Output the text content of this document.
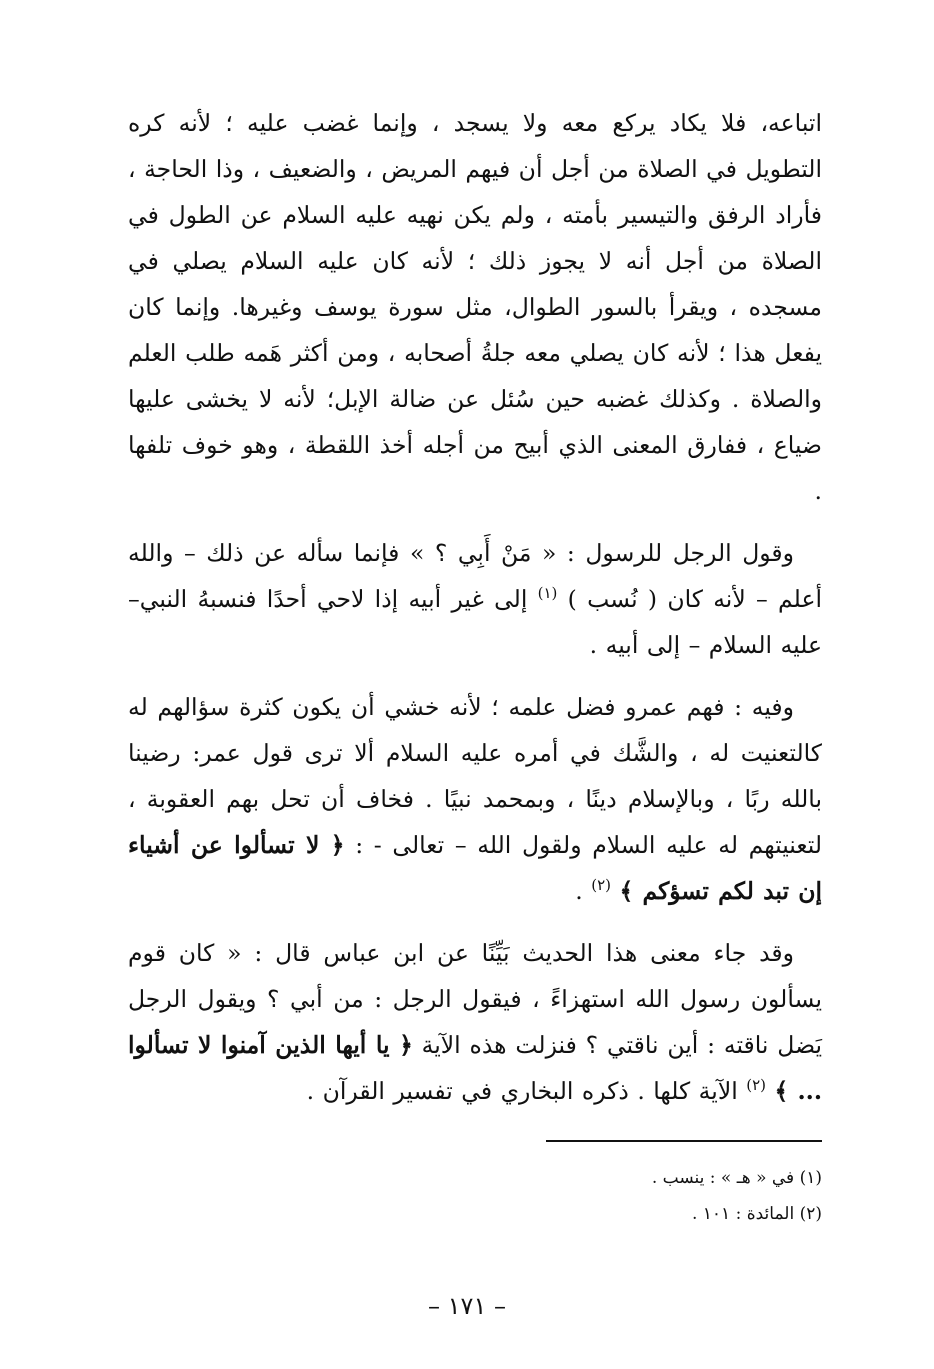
اتباعه، فلا يكاد يركع معه ولا يسجد ، وإنما غضب عليه ؛ لأنه كره التطويل في الصلاة من أجل أن فيهم المريض ، والضعيف ، وذا الحاجة ، فأراد الرفق والتيسير بأمته ، ولم يكن نهيه عليه السلام عن الطول في الصلاة من أجل أنه لا يجوز ذلك ؛ لأنه كان عليه السلام يصلي في مسجده ، ويقرأ بالسور الطوال، مثل سورة يوسف وغيرها. وإنما كان يفعل هذا ؛ لأنه كان يصلي معه جلةُ أصحابه ، ومن أكثر هَمه طلب العلم والصلاة . وكذلك غضبه حين سُئل عن ضالة الإبل؛ لأنه لا يخشى عليها ضياع ، ففارق المعنى الذي أبيح من أجله أخذ اللقطة ، وهو خوف تلفها .

وقول الرجل للرسول : « مَنْ أَبِي ؟ » فإنما سأله عن ذلك – والله أعلم – لأنه كان ( نُسب ) $^{(١)}$ إلى غير أبيه إذا لاحي أحدًا فنسبهُ النبي– عليه السلام – إلى أبيه .

وفيه : فهم عمرو فضل علمه ؛ لأنه خشي أن يكون كثرة سؤالهم له كالتعنيت له ، والشَّك في أمره عليه السلام ألا ترى قول عمر: رضينا بالله ربًا ، وبالإسلام دينًا ، وبمحمد نبيًا . فخاف أن تحل بهم العقوبة ، لتعنيتهم له عليه السلام ولقول الله – تعالى - : ﴿ لا تسألوا عن أشياء إن تبد لكم تسؤكم ﴾ $^{(٢)}$ .

وقد جاء معنى هذا الحديث بَيِّنًا عن ابن عباس قال : « كان قوم يسألون رسول الله استهزاءً ، فيقول الرجل : من أبي ؟ ويقول الرجل يَضل ناقته : أين ناقتي ؟ فنزلت هذه الآية ﴿ يا أيها الذين آمنوا لا تسألوا ... ﴾ $^{(٢)}$ الآية كلها . ذكره البخاري في تفسير القرآن .

(١) في « هـ » : ينسب .

(٢) المائدة : ١٠١ .

– ١٧١ –
